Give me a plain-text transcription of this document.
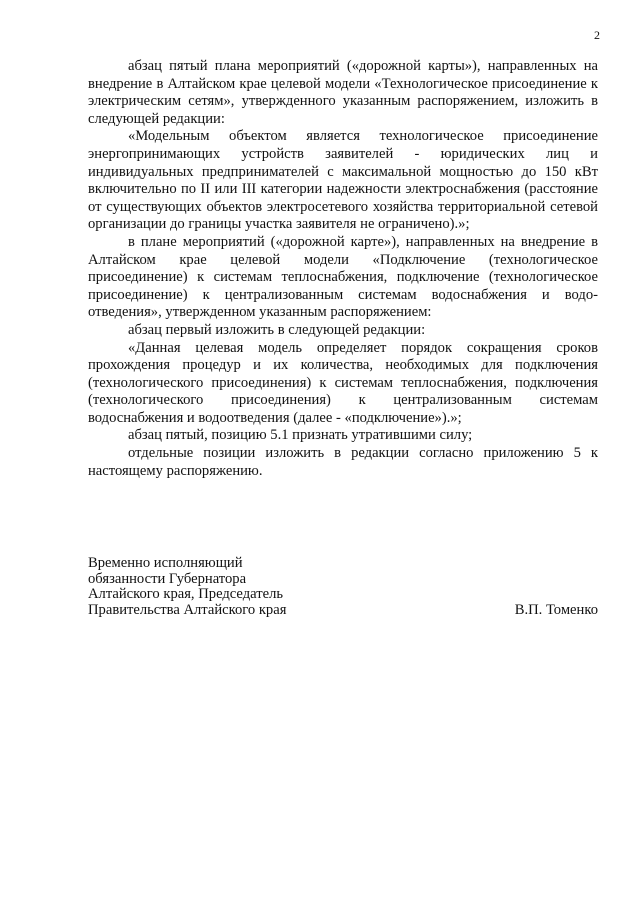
2

абзац пятый плана мероприятий («дорожной карты»), направленных на внедрение в Алтайском крае целевой модели «Технологическое присоединение к электрическим сетям», утвержденного указанным распоряжением, изложить в следующей редакции:

«Модельным объектом является технологическое присоединение энергопринимающих устройств заявителей - юридических лиц и индивидуальных предпринимателей с максимальной мощностью до 150 кВт включительно по II или III категории надежности электроснабжения (расстояние от существующих объектов электросетевого хозяйства территориальной сетевой организации до границы участка заявителя не ограничено).»;

в плане мероприятий («дорожной карте»), направленных на внедрение в Алтайском крае целевой модели «Подключение (технологическое присоединение) к системам теплоснабжения, подключение (технологическое присоединение) к централизованным системам водоснабжения и водоотведения», утвержденном указанным распоряжением:

абзац первый изложить в следующей редакции:

«Данная целевая модель определяет порядок сокращения сроков прохождения процедур и их количества, необходимых для подключения (технологического присоединения) к системам теплоснабжения, подключения (технологического присоединения) к централизованным системам водоснабжения и водоотведения (далее - «подключение»).»;

абзац пятый, позицию 5.1 признать утратившими силу;

отдельные позиции изложить в редакции согласно приложению 5 к настоящему распоряжению.

Временно исполняющий
обязанности Губернатора
Алтайского края, Председатель
Правительства Алтайского края	В.П. Томенко
